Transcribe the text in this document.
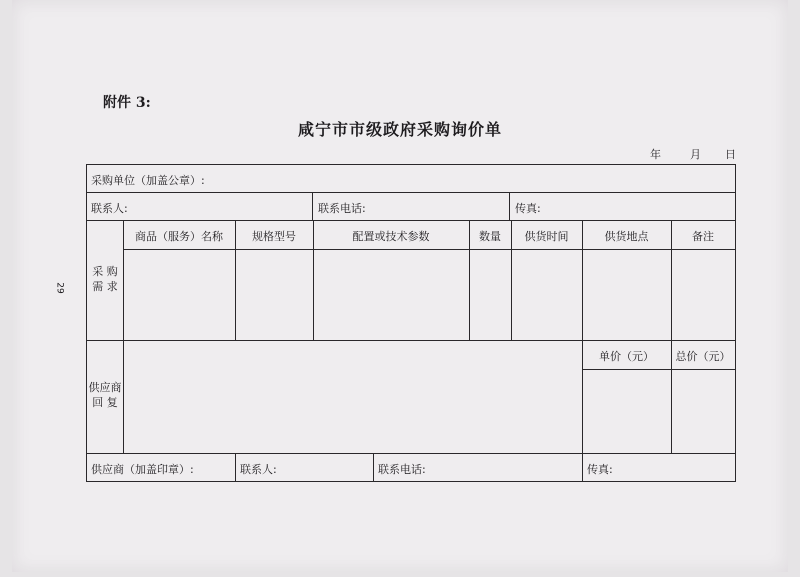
29
附件 3:
咸宁市市级政府采购询价单
年	月 日
采购单位（加盖公章）:
联系人:	联系电话:	传真:
商品（服务）名称	规格型号	配置或技术参数	数量	供货时间	供货地点	备注
采 购
需 求
供应商
回 复
单价（元）	总价（元）
供应商（加盖印章）:	联系人:	联系电话:	传真:
